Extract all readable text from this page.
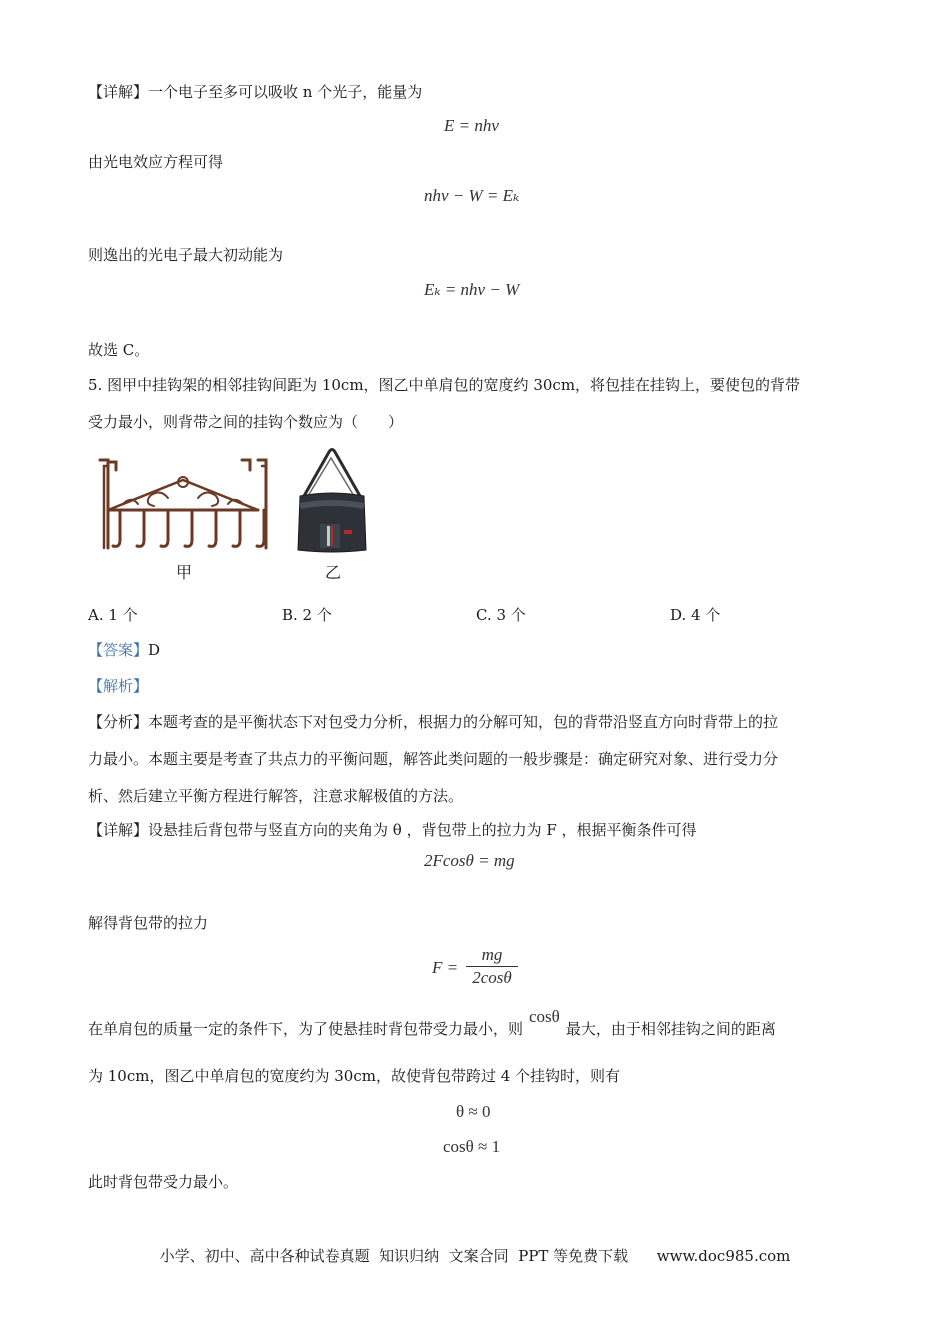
【详解】一个电子至多可以吸收 n 个光子，能量为
E = nhν
由光电效应方程可得
nhν − W = Eₖ
则逸出的光电子最大初动能为
Eₖ = nhν − W
故选 C。
5. 图甲中挂钩架的相邻挂钩间距为 10cm，图乙中单肩包的宽度约 30cm，将包挂在挂钩上，要使包的背带
受力最小，则背带之间的挂钩个数应为（　　）
甲	乙
A. 1 个	B. 2 个	C. 3 个	D. 4 个
【答案】D
【解析】
【分析】本题考查的是平衡状态下对包受力分析，根据力的分解可知，包的背带沿竖直方向时背带上的拉
力最小。本题主要是考查了共点力的平衡问题，解答此类问题的一般步骤是：确定研究对象、进行受力分
析、然后建立平衡方程进行解答，注意求解极值的方法。
【详解】设悬挂后背包带与竖直方向的夹角为 θ ，背包带上的拉力为 F ，根据平衡条件可得
2Fcosθ = mg
解得背包带的拉力
F =
mg
2cosθ
在单肩包的质量一定的条件下，为了使悬挂时背包带受力最小，则cosθ最大，由于相邻挂钩之间的距离
为 10cm，图乙中单肩包的宽度约为 30cm，故使背包带跨过 4 个挂钩时，则有
θ ≈ 0
cosθ ≈ 1
此时背包带受力最小。
小学、初中、高中各种试卷真题  知识归纳  文案合同  PPT 等免费下载      www.doc985.com
